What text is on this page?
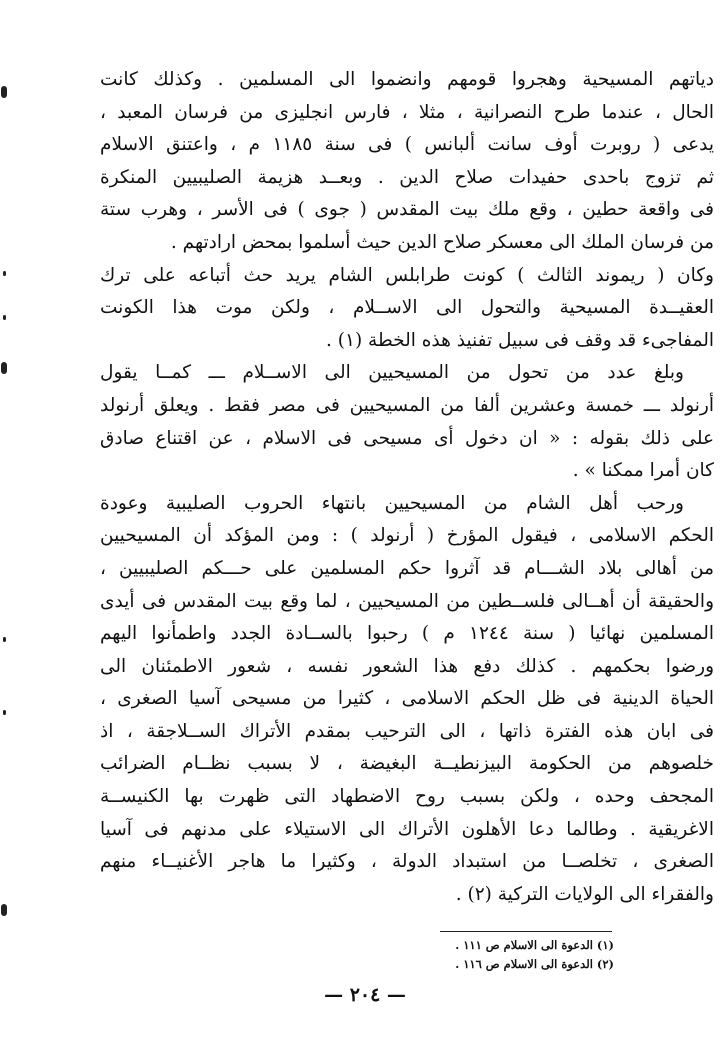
دياتهم المسيحية وهجروا قومهم وانضموا الى المسلمين . وكذلك كانت
الحال ، عندما طرح النصرانية ، مثلا ، فارس انجليزى من فرسان المعبد ،
يدعى ( روبرت أوف سانت ألبانس ) فى سنة ١١٨٥ م ، واعتنق الاسلام
ثم تزوج باحدى حفيدات صلاح الدين . وبعــد هزيمة الصليبيين المنكرة
فى واقعة حطين ، وقع ملك بيت المقدس ( جوى ) فى الأسر ، وهرب ستة
من فرسان الملك الى معسكر صلاح الدين حيث أسلموا بمحض ارادتهم .
وكان ( ريموند الثالث ) كونت طرابلس الشام يريد حث أتباعه على ترك
العقيــدة المسيحية والتحول الى الاســلام ، ولكن موت هذا الكونت
المفاجىء قد وقف فى سبيل تفنيذ هذه الخطة (١) .
وبلغ عدد من تحول من المسيحيين الى الاســلام ـــ كمــا يقول
أرنولد ـــ خمسة وعشرين ألفا من المسيحيين فى مصر فقط . ويعلق أرنولد
على ذلك بقوله : « ان دخول أى مسيحى فى الاسلام ، عن اقتناع صادق
كان أمرا ممكنا » .
ورحب أهل الشام من المسيحيين بانتهاء الحروب الصليبية وعودة
الحكم الاسلامى ، فيقول المؤرخ ( أرنولد ) : ومن المؤكد أن المسيحيين
من أهالى بلاد الشـــام قد آثروا حكم المسلمين على حـــكم الصليبيين ،
والحقيقة أن أهــالى فلســطين من المسيحيين ، لما وقع بيت المقدس فى أيدى
المسلمين نهائيا ( سنة ١٢٤٤ م ) رحبوا بالســادة الجدد واطمأنوا اليهم
ورضوا بحكمهم . كذلك دفع هذا الشعور نفسه ، شعور الاطمئنان الى
الحياة الدينية فى ظل الحكم الاسلامى ، كثيرا من مسيحى آسيا الصغرى ،
فى ابان هذه الفترة ذاتها ، الى الترحيب بمقدم الأتراك الســلاجقة ، اذ
خلصوهم من الحكومة البيزنطيــة البغيضة ، لا بسبب نظــام الضرائب
المجحف وحده ، ولكن بسبب روح الاضطهاد التى ظهرت بها الكنيســة
الاغريقية . وطالما دعا الأهلون الأتراك الى الاستيلاء على مدنهم فى آسيا
الصغرى ، تخلصــا من استبداد الدولة ، وكثيرا ما هاجر الأغنيــاء منهم
والفقراء الى الولايات التركية (٢) .
(١) الدعوة الى الاسلام ص ١١١ .
(٢) الدعوة الى الاسلام ص ١١٦ .
— ٢٠٤ —
